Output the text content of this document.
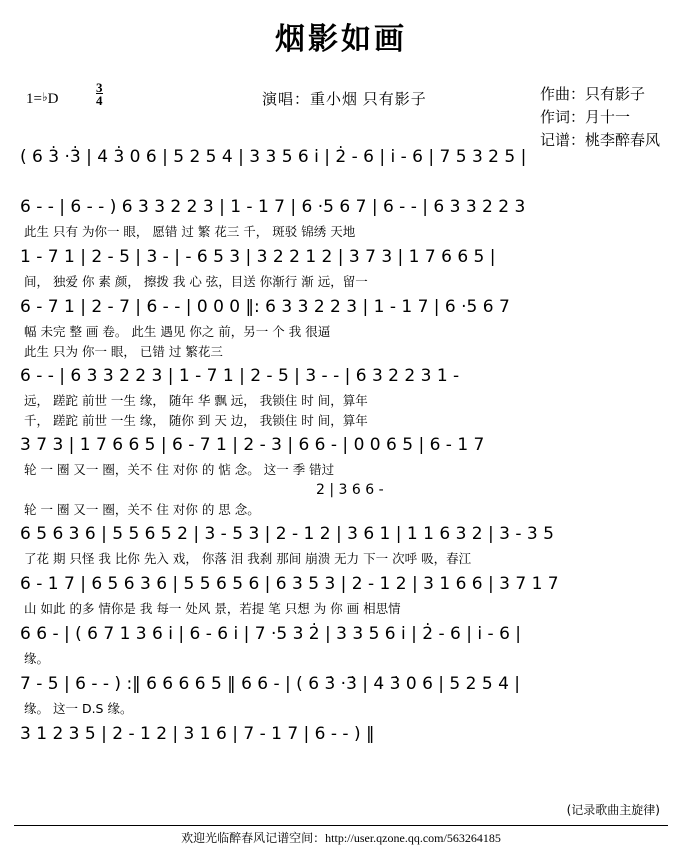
烟影如画
1=♭D	$\frac{3}{4}$	演唱：重小烟 只有影子	作曲：只有影子
作词：月十一
记谱：桃李醉春风
( 6 3̇ ·3̇ | 4 3̇ 0 6 | 5 2 5 4 | 3 3 5 6 i | 2̇ - 6 | i - 6 | 7 5 3 2 5 |
6 - - | 6 - - ) 6 3 3 2 2 3 | 1 - 1 7 | 6 ·5 6 7 | 6 - - | 6 3 3 2 2 3
此生 只有 为你一 眼， 愿错 过 繁 花三 千， 斑驳 锦绣 天地
1 - 7 1 | 2 - 5 | 3 - | - 6 5 3 | 3 2 2 1 2 | 3 7 3 | 1 7 6 6 5 |
间， 独爱 你 素 颜， 擦拨 我 心 弦，目送 你渐行 渐 远，留一
6 - 7 1 | 2 - 7 | 6 - - | 0 0 0 ‖: 6 3 3 2 2 3 | 1 - 1 7 | 6 ·5 6 7
幅 未完 整 画 卷。 此生 遇见 你之 前，另一 个 我 很逼
此生 只为 你一 眼， 已错 过 繁花三
6 - - | 6 3 3 2 2 3 | 1 - 7 1 | 2 - 5 | 3 - - | 6 3 2 2 3 1 -
远， 蹉跎 前世 一生 缘， 随年 华 飘 远， 我锁住 时 间，算年
千， 蹉跎 前世 一生 缘， 随你 到 天 边， 我锁住 时 间，算年
3 7 3 | 1 7 6 6 5 | 6 - 7 1 | 2 - 3 | 6 6 - | 0 0 6 5 | 6 - 1 7
轮 一 圈 又一 圈，关不 住 对你 的 惦 念。 这一 季 错过
2 | 3 6 6 -
轮 一 圈 又一 圈，关不 住 对你 的 思 念。
6 5 6 3 6 | 5 5 6 5 2 | 3 - 5 3 | 2 - 1 2 | 3 6 1 | 1 1 6 3 2 | 3 - 3 5
了花 期 只怪 我 比你 先入 戏， 你落 泪 我刹 那间 崩溃 无力 下一 次呼 吸，春江
6 - 1 7 | 6 5 6 3 6 | 5 5 6 5 6 | 6 3 5 3 | 2 - 1 2 | 3 1 6 6 | 3 7 1 7
山 如此 的多 情你是 我 每一 处风 景，若提 笔 只想 为 你 画 相思情
6 6 - | ( 6 7 1 3 6 i | 6 - 6 i | 7 ·5 3 2̇ | 3 3 5 6 i | 2̇ - 6 | i - 6 |
缘。
7 - 5 | 6 - - ) :‖ 6 6 6 6 5 ‖ 6 6 - | ( 6 3̇ ·3̇ | 4 3̇ 0 6 | 5 2 5 4 |
缘。 这一 D.S 缘。
3 1 2 3 5 | 2 - 1 2 | 3 1 6 | 7 - 1 7 | 6 - - ) ‖
(记录歌曲主旋律)
欢迎光临醉春风记谱空间：http://user.qzone.qq.com/563264185
